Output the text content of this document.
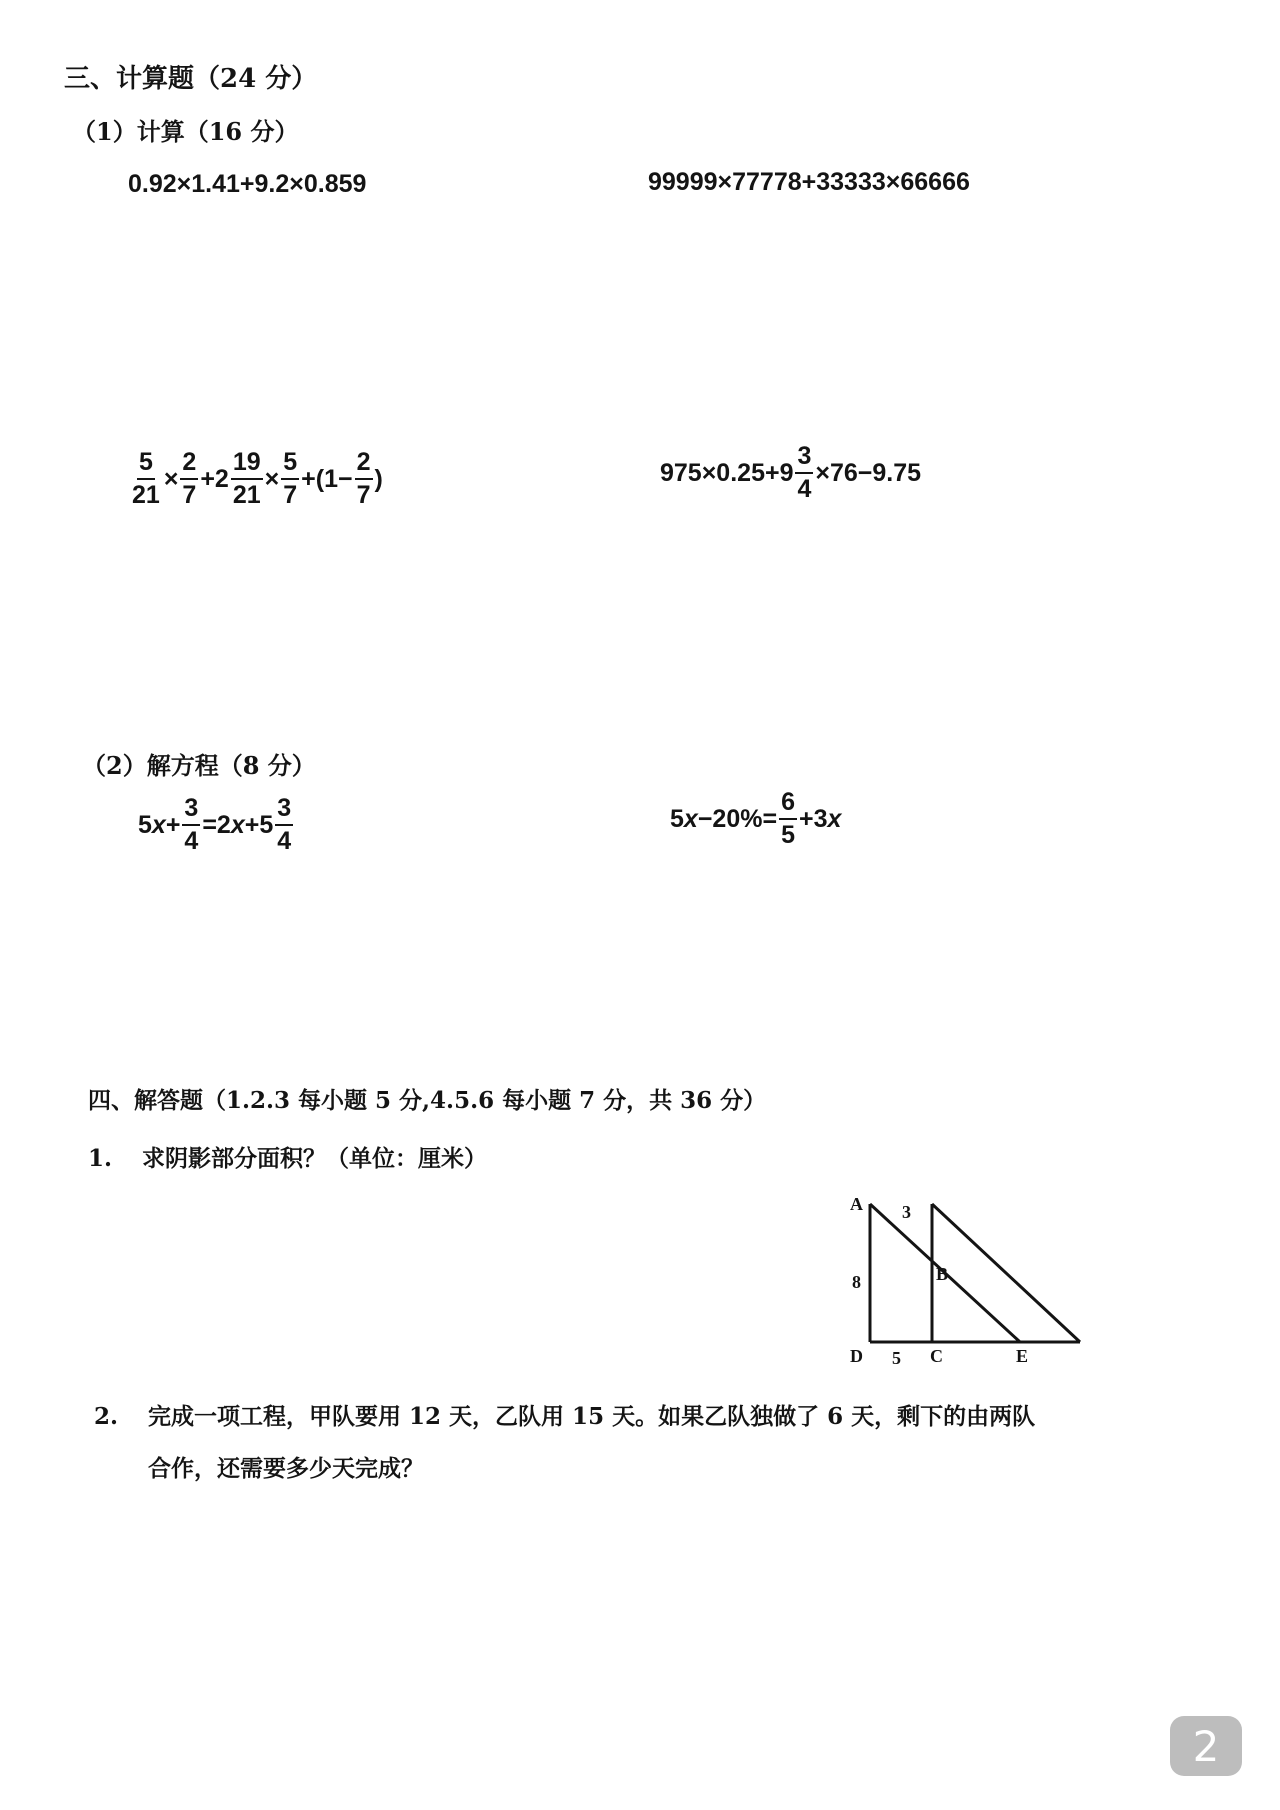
三、计算题（24 分）
（1）计算（16 分）
0.92×1.41+9.2×0.859	99999×77778+33333×66666
$\frac{5}{21} \times \frac{2}{7} +2 \frac{19}{21} \times \frac{5}{7} +(1- \frac{2}{7}$ )	$975\times 0.25+9 \frac{3}{4} \times 76-9.75$
（2）解方程（8 分）
5 $x + \frac{3}{4} =2$ $x +5 \frac{3}{4}$	5 $x -20\%= \frac{6}{5} +3$ x
四、解答题（1.2.3 每小题 5 分,4.5.6 每小题 7 分，共 36 分）
1. 求阴影部分面积？（单位：厘米）
A
B
C
D	E
3
8
5
2. 完成一项工程，甲队要用 12 天，乙队用 15 天。如果乙队独做了 6 天，剩下的由两队
合作，还需要多少天完成？
2
